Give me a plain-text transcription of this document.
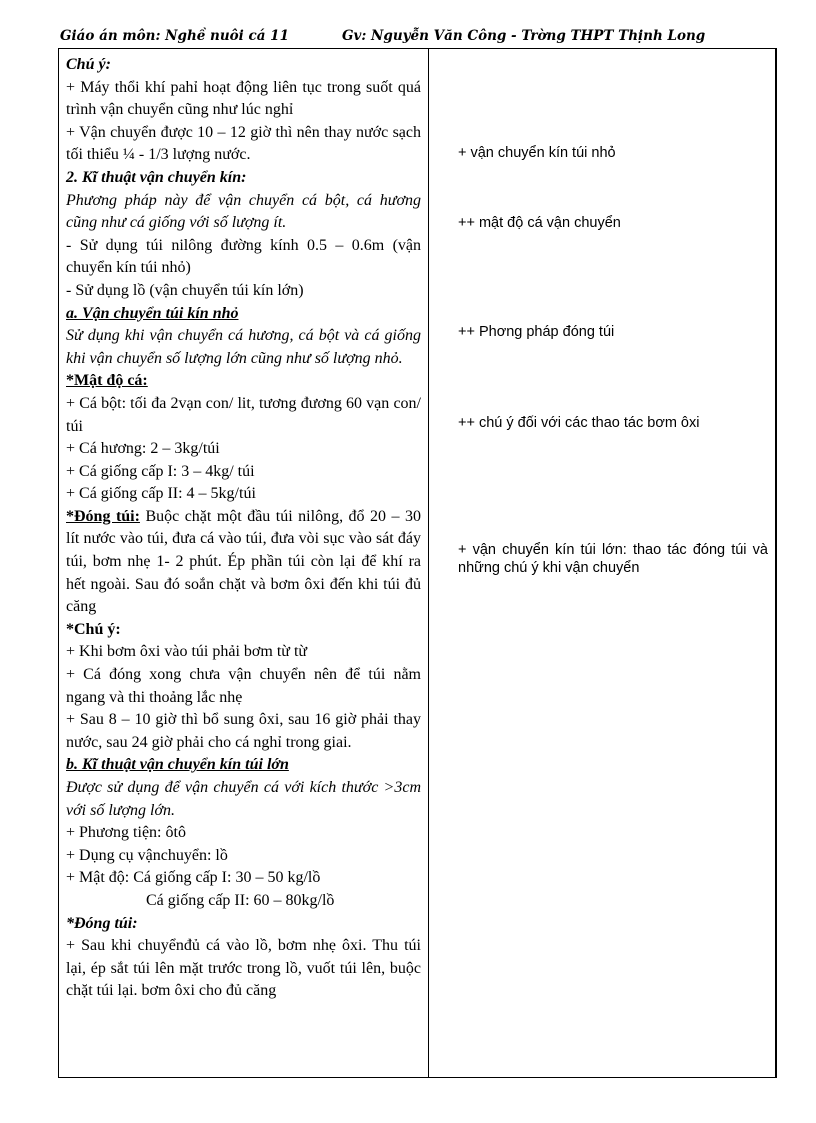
Giáo án môn: Nghề nuôi cá 11	Gv: Nguyễn Văn Công - Trờng THPT Thịnh Long

Chú ý:

+ Máy thổi khí pahỉ hoạt động liên tục trong suốt quá trình vận chuyển cũng như lúc nghỉ

+ Vận chuyển được 10 – 12 giờ thì nên thay nước sạch tối thiểu ¼ - 1/3 lượng nước.

2. Kĩ thuật vận chuyển kín:

Phương pháp này để vận chuyển cá bột, cá hương cũng như cá giống với số lượng ít.

- Sử dụng túi nilông đường kính 0.5 – 0.6m (vận chuyển kín túi nhỏ)

- Sử dụng lồ (vận chuyển túi kín lớn)

a. Vận chuyển túi kín nhỏ

Sử dụng khi vận chuyển cá hương, cá bột và cá giống khi vận chuyển số lượng lớn cũng như số lượng nhỏ.

*Mật độ cá:

+ Cá bột: tối đa 2vạn con/ lit, tương đương 60 vạn con/ túi

+ Cá hương: 2 – 3kg/túi

+ Cá giống cấp I: 3 – 4kg/ túi

+ Cá giống cấp II: 4 – 5kg/túi

*Đóng túi: Buộc chặt một đầu túi nilông, đổ 20 – 30 lít nước vào túi, đưa cá vào túi, đưa vòi sục vào sát đáy túi, bơm nhẹ 1- 2 phút. Ép phần túi còn lại để khí ra hết ngoài. Sau đó soắn chặt và bơm ôxi đến khi túi đủ căng

*Chú ý:

+ Khi bơm ôxi vào túi phải bơm từ từ

+ Cá đóng xong chưa vận chuyển nên để túi nằm ngang và thi thoảng lắc nhẹ

+ Sau 8 – 10 giờ thì bổ sung ôxi, sau 16 giờ phải thay nước, sau 24 giờ phải cho cá nghỉ trong giai.

b. Kĩ thuật vận chuyển kín túi lớn

Được sử dụng để vận chuyển cá với kích thước >3cm với số lượng lớn.

+ Phương tiện: ôtô

+ Dụng cụ vậnchuyển: lồ

+ Mật độ: Cá giống cấp I: 30 – 50 kg/lồ

Cá giống cấp II: 60 – 80kg/lồ

*Đóng túi:

+ Sau khi chuyểnđủ cá vào lồ, bơm nhẹ ôxi. Thu túi lại, ép sắt túi lên mặt trước trong lồ, vuốt túi lên, buộc chặt túi lại. bơm ôxi cho đủ căng

+ vận chuyển kín túi nhỏ
++ mật độ cá vận chuyển
++ Phơng pháp đóng túi
++ chú ý đối với các thao tác bơm ôxi
+ vận chuyển kín túi lớn: thao tác đóng túi và những chú ý khi vận chuyển
